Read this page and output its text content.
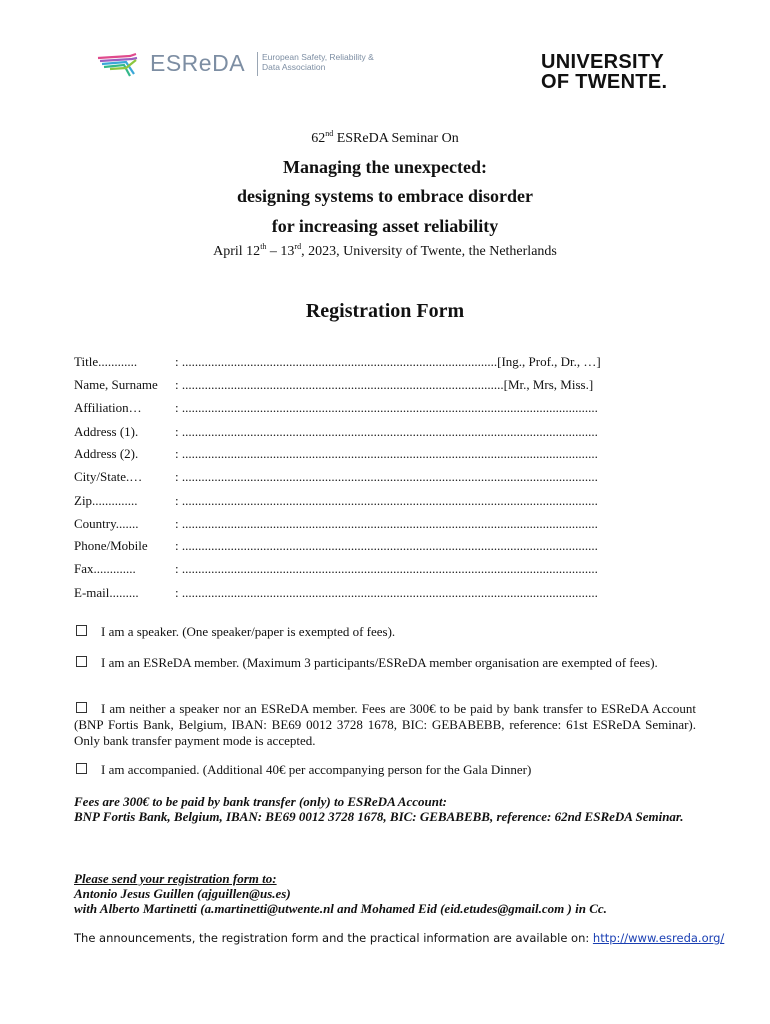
ESReDA European Safety, Reliability &
Data Association	UNIVERSITY
OF TWENTE.
62nd ESReDA Seminar On
Managing the unexpected:
designing systems to embrace disorder
for increasing asset reliability
April 12th – 13rd, 2023, University of Twente, the Netherlands
Registration Form
Title............	: .................................................................................................[Ing., Prof., Dr., …]
Name, Surname : ...................................................................................................[Mr., Mrs, Miss.]
Affiliation…	: ................................................................................................................................
Address (1).	: ................................................................................................................................
Address (2).	: ................................................................................................................................
City/State.…	: ................................................................................................................................
Zip..............	: ................................................................................................................................
Country.......	: ................................................................................................................................
Phone/Mobile : ................................................................................................................................
Fax.............	: ................................................................................................................................
E-mail.........	: ................................................................................................................................
I am a speaker. (One speaker/paper is exempted of fees).
I am an ESReDA member. (Maximum 3 participants/ESReDA member organisation are exempted of fees).
I am neither a speaker nor an ESReDA member. Fees are 300€ to be paid by bank transfer to ESReDA Account (BNP Fortis Bank, Belgium, IBAN: BE69 0012 3728 1678, BIC: GEBABEBB, reference: 61st ESReDA Seminar). Only bank transfer payment mode is accepted.
I am accompanied. (Additional 40€ per accompanying person for the Gala Dinner)
Fees are 300€ to be paid by bank transfer (only) to ESReDA Account:
BNP Fortis Bank, Belgium, IBAN: BE69 0012 3728 1678, BIC: GEBABEBB, reference: 62nd ESReDA Seminar.
Please send your registration form to:
Antonio Jesus Guillen (ajguillen@us.es)
with Alberto Martinetti (a.martinetti@utwente.nl and Mohamed Eid (eid.etudes@gmail.com ) in Cc.
The announcements, the registration form and the practical information are available on: http://www.esreda.org/
